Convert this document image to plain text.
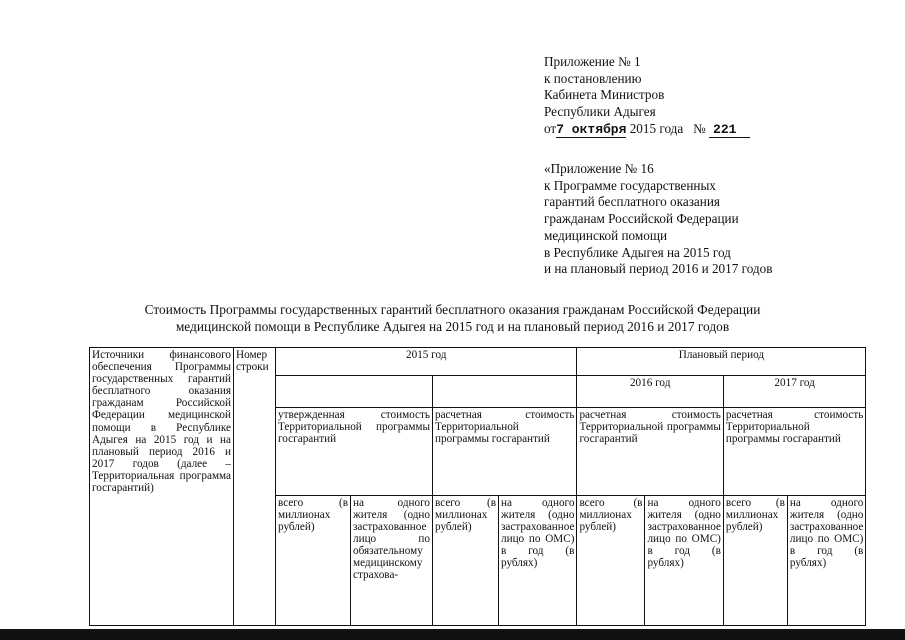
Приложение № 1
к постановлению
Кабинета Министров
Республики Адыгея
от7 октября 2015 года № 221
«Приложение № 16
к Программе государственных
гарантий бесплатного оказания
гражданам Российской Федерации
медицинской помощи
в Республике Адыгея на 2015 год
и на плановый период 2016 и 2017 годов
Стоимость Программы государственных гарантий бесплатного оказания гражданам Российской Федерации
медицинской помощи в Республике Адыгея на 2015 год и на плановый период 2016 и 2017 годов
Источники финансового обеспечения Программы государственных гарантий бесплатного оказания гражданам Российской Федерации медицинской помощи в Республике Адыгея на 2015 год и на плановый период 2016 и 2017 годов (далее – Территориальная программа госгарантий)	Номер строки	2015 год				Плановый период			
						2016 год		2017 год	
		утвержденная стоимость Территориальной программы госгарантий		расчетная стоимость Территориальной программы госгарантий		расчетная стоимость Территориальной программы госгарантий		расчетная стоимость Территориальной программы госгарантий	
		всего (в миллионах рублей)	на одного жителя (одно застрахованное лицо по обязательному медицинскому страхова-	всего (в миллионах рублей)	на одного жителя (одно застрахованное лицо по ОМС) в год (в рублях)	всего (в миллионах рублей)	на одного жителя (одно застрахованное лицо по ОМС) в год (в рублях)	всего (в миллионах рублей)	на одного жителя (одно застрахованное лицо по ОМС) в год (в рублях)
